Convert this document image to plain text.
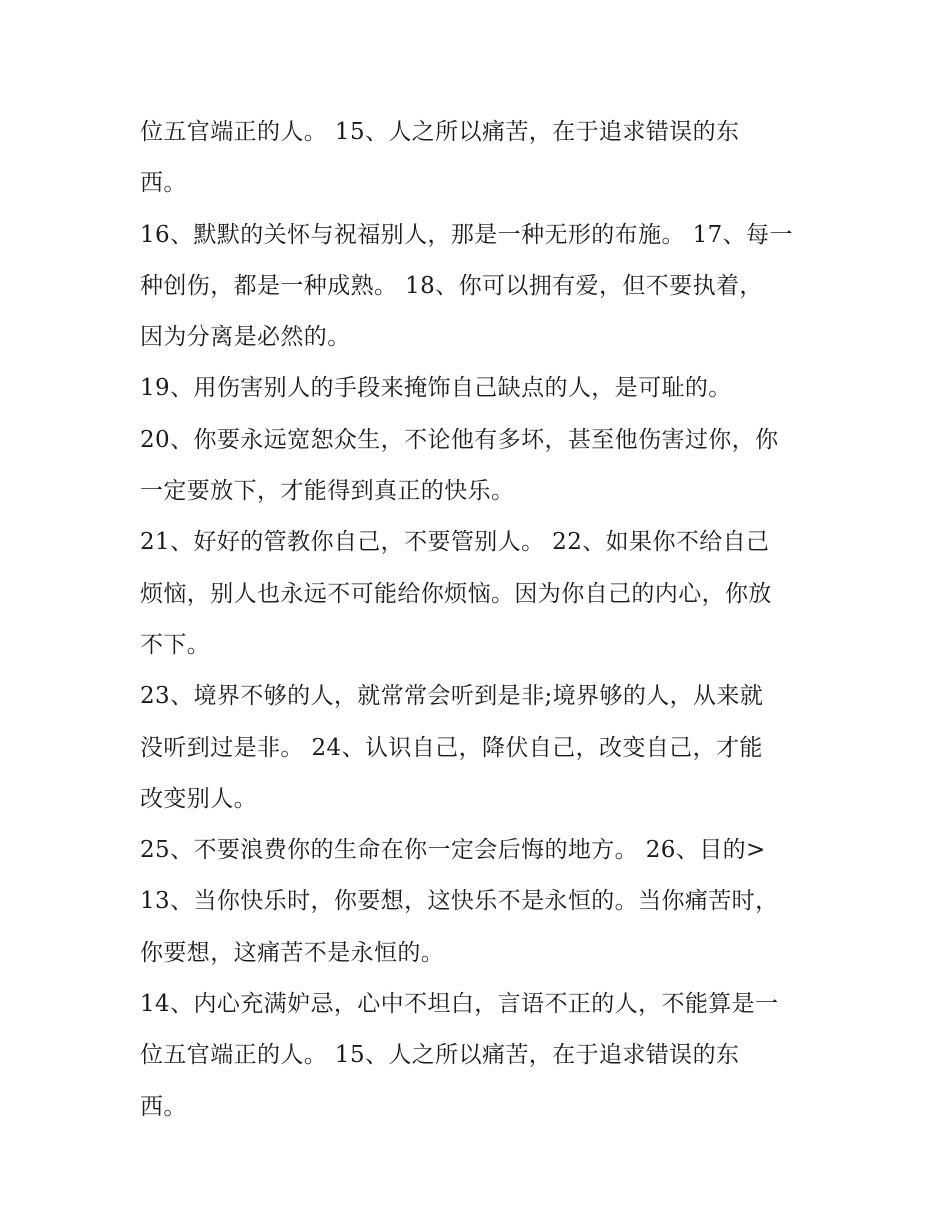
位五官端正的人。 15、人之所以痛苦，在于追求错误的东
西。
16、默默的关怀与祝福别人，那是一种无形的布施。 17、每一
种创伤，都是一种成熟。 18、你可以拥有爱，但不要执着，
因为分离是必然的。
19、用伤害别人的手段来掩饰自己缺点的人，是可耻的。
20、你要永远宽恕众生，不论他有多坏，甚至他伤害过你，你
一定要放下，才能得到真正的快乐。
21、好好的管教你自己，不要管别人。 22、如果你不给自己
烦恼，别人也永远不可能给你烦恼。因为你自己的内心，你放
不下。
23、境界不够的人，就常常会听到是非;境界够的人，从来就
没听到过是非。 24、认识自己，降伏自己，改变自己，才能
改变别人。
25、不要浪费你的生命在你一定会后悔的地方。 26、目的>
13、当你快乐时，你要想，这快乐不是永恒的。当你痛苦时，
你要想，这痛苦不是永恒的。
14、内心充满妒忌，心中不坦白，言语不正的人，不能算是一
位五官端正的人。 15、人之所以痛苦，在于追求错误的东
西。
